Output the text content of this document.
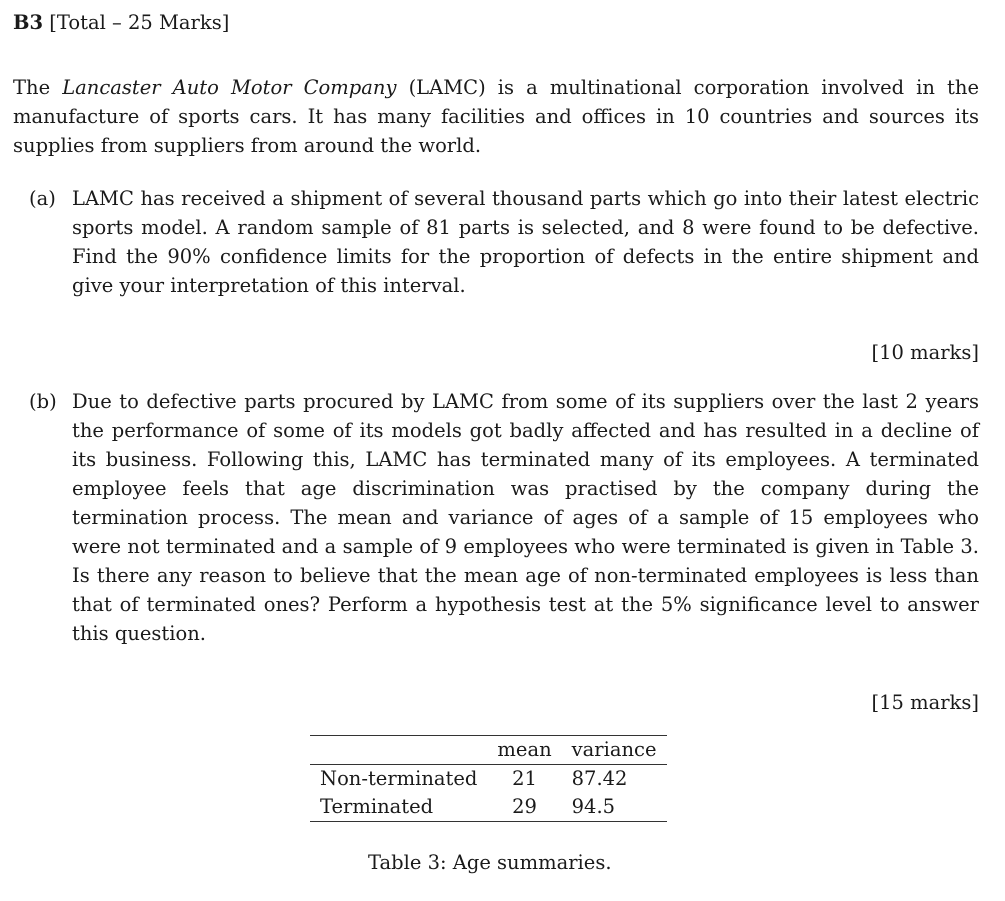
B3 [Total – 25 Marks]

The Lancaster Auto Motor Company (LAMC) is a multinational corporation involved in the manufacture of sports cars. It has many facilities and offices in 10 countries and sources its supplies from suppliers from around the world.
(a) LAMC has received a shipment of several thousand parts which go into their latest electric sports model. A random sample of 81 parts is selected, and 8 were found to be defective. Find the 90% confidence limits for the proportion of defects in the entire shipment and give your interpretation of this interval.
[10 marks]
(b) Due to defective parts procured by LAMC from some of its suppliers over the last 2 years the performance of some of its models got badly affected and has resulted in a decline of its business. Following this, LAMC has terminated many of its employees. A terminated employee feels that age discrimination was practised by the company during the termination process. The mean and variance of ages of a sample of 15 employees who were not terminated and a sample of 9 employees who were terminated is given in Table 3. Is there any reason to believe that the mean age of non-terminated employees is less than that of terminated ones? Perform a hypothesis test at the 5% significance level to answer this question.
[15 marks]
	mean	variance
Non-terminated	21	87.42
Terminated	29	94.5
Table 3: Age summaries.
